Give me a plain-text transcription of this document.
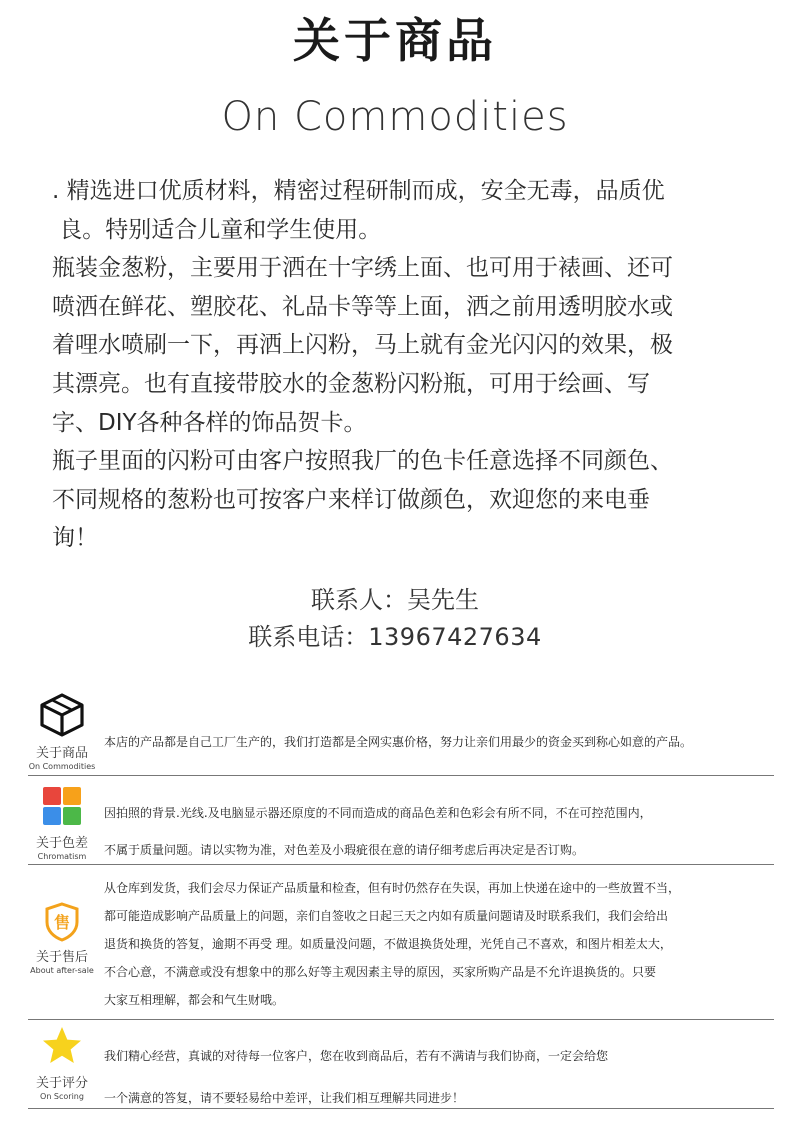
关于商品
On Commodities

. 精选进口优质材料，精密过程研制而成，安全无毒，品质优

良。特别适合儿童和学生使用。

瓶装金葱粉，主要用于洒在十字绣上面、也可用于裱画、还可

喷洒在鲜花、塑胶花、礼品卡等等上面，洒之前用透明胶水或

着哩水喷刷一下，再洒上闪粉，马上就有金光闪闪的效果，极

其漂亮。也有直接带胶水的金葱粉闪粉瓶，可用于绘画、写

字、DIY各种各样的饰品贺卡。

瓶子里面的闪粉可由客户按照我厂的色卡任意选择不同颜色、

不同规格的葱粉也可按客户来样订做颜色，欢迎您的来电垂

询！

联系人：吴先生
联系电话：13967427634
关于商品
On Commodities

本店的产品都是自己工厂生产的，我们打造都是全网实惠价格，努力让亲们用最少的资金买到称心如意的产品。

关于色差
Chromatism

因拍照的背景.光线.及电脑显示器还原度的不同而造成的商品色差和色彩会有所不同，不在可控范围内，

不属于质量问题。请以实物为准，对色差及小瑕疵很在意的请仔细考虑后再决定是否订购。

售
关于售后
About after-sale

从仓库到发货，我们会尽力保证产品质量和检查，但有时仍然存在失误，再加上快递在途中的一些放置不当，

都可能造成影响产品质量上的问题，亲们自签收之日起三天之内如有质量问题请及时联系我们，我们会给出

退货和换货的答复，逾期不再受 理。如质量没问题，不做退换货处理，光凭自己不喜欢，和图片相差太大，

不合心意，不满意或没有想象中的那么好等主观因素主导的原因，买家所购产品是不允许退换货的。只要

大家互相理解，都会和气生财哦。

关于评分
On Scoring

我们精心经营，真诚的对待每一位客户，您在收到商品后，若有不满请与我们协商，一定会给您

一个满意的答复，请不要轻易给中差评，让我们相互理解共同进步！
